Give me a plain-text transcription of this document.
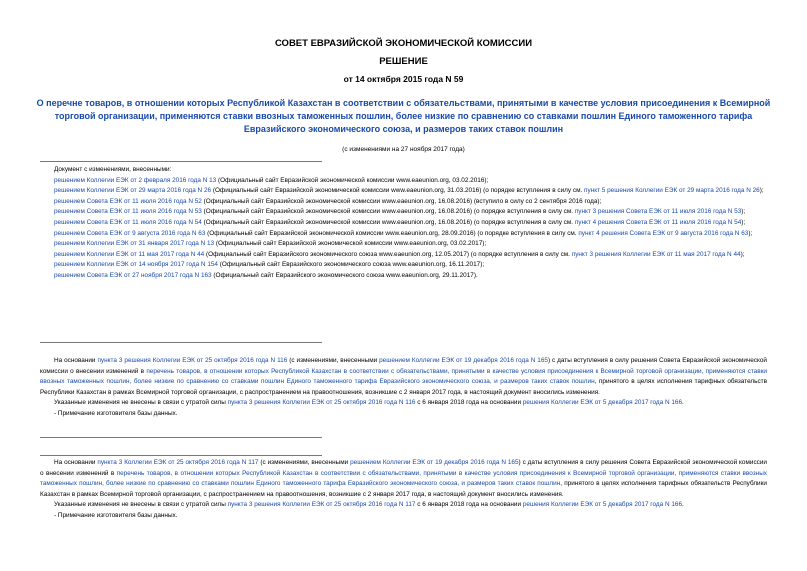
СОВЕТ ЕВРАЗИЙСКОЙ ЭКОНОМИЧЕСКОЙ КОМИССИИ
РЕШЕНИЕ
от 14 октября 2015 года N 59
О перечне товаров, в отношении которых Республикой Казахстан в соответствии с обязательствами, принятыми в качестве условия присоединения к Всемирной торговой организации, применяются ставки ввозных таможенных пошлин, более низкие по сравнению со ставками пошлин Единого таможенного тарифа Евразийского экономического союза, и размеров таких ставок пошлин
(с изменениями на 27 ноября 2017 года)

Документ с изменениями, внесенными:

решением Коллегии ЕЭК от 2 февраля 2016 года N 13 (Официальный сайт Евразийской экономической комиссии www.eaeunion.org, 03.02.2016);

решением Коллегии ЕЭК от 29 марта 2016 года N 26 (Официальный сайт Евразийской экономической комиссии www.eaeunion.org, 31.03.2016) (о порядке вступления в силу см. пункт 5 решения Коллегии ЕЭК от 29 марта 2016 года N 26);

решением Совета ЕЭК от 11 июля 2016 года N 52 (Официальный сайт Евразийской экономической комиссии www.eaeunion.org, 16.08.2016) (вступило в силу со 2 сентября 2016 года);

решением Совета ЕЭК от 11 июля 2016 года N 53 (Официальный сайт Евразийской экономической комиссии www.eaeunion.org, 16.08.2016) (о порядке вступления в силу см. пункт 3 решения Совета ЕЭК от 11 июля 2016 года N 53);

решением Совета ЕЭК от 11 июля 2016 года N 54 (Официальный сайт Евразийской экономической комиссии www.eaeunion.org, 16.08.2016) (о порядке вступления в силу см. пункт 4 решения Совета ЕЭК от 11 июля 2016 года N 54);

решением Совета ЕЭК от 9 августа 2016 года N 63 (Официальный сайт Евразийской экономической комиссии www.eaeunion.org, 28.09.2016) (о порядке вступления в силу см. пункт 4 решения Совета ЕЭК от 9 августа 2016 года N 63);

решением Коллегии ЕЭК от 31 января 2017 года N 13 (Официальный сайт Евразийской экономической комиссии www.eaeunion.org, 03.02.2017);

решением Коллегии ЕЭК от 11 мая 2017 года N 44 (Официальный сайт Евразийского экономического союза www.eaeunion.org, 12.05.2017) (о порядке вступления в силу см. пункт 3 решения Коллегии ЕЭК от 11 мая 2017 года N 44);

решением Коллегии ЕЭК от 14 ноября 2017 года N 154 (Официальный сайт Евразийского экономического союза www.eaeunion.org, 16.11.2017);

решением Совета ЕЭК от 27 ноября 2017 года N 163 (Официальный сайт Евразийского экономического союза www.eaeunion.org, 29.11.2017).

На основании пункта 3 решения Коллегии ЕЭК от 25 октября 2016 года N 116 (с изменениями, внесенными решением Коллегии ЕЭК от 19 декабря 2016 года N 165) с даты вступления в силу решения Совета Евразийской экономической комиссии о внесении изменений в перечень товаров, в отношении которых Республикой Казахстан в соответствии с обязательствами, принятыми в качестве условия присоединения к Всемирной торговой организации, применяются ставки ввозных таможенных пошлин, более низкие по сравнению со ставками пошлин Единого таможенного тарифа Евразийского экономического союза, и размеров таких ставок пошлин, принятого в целях исполнения тарифных обязательств Республики Казахстан в рамках Всемирной торговой организации, с распространением на правоотношения, возникшие с 2 января 2017 года, в настоящий документ вносились изменения.

Указанные изменения не внесены в связи с утратой силы пункта 3 решения Коллегии ЕЭК от 25 октября 2016 года N 116 с 6 января 2018 года на основании решения Коллегии ЕЭК от 5 декабря 2017 года N 166.

- Примечание изготовителя базы данных.

На основании пункта 3 Коллегии ЕЭК от 25 октября 2016 года N 117 (с изменениями, внесенными решением Коллегии ЕЭК от 19 декабря 2016 года N 165) с даты вступления в силу решения Совета Евразийской экономической комиссии о внесении изменений в перечень товаров, в отношении которых Республикой Казахстан в соответствии с обязательствами, принятыми в качестве условия присоединения к Всемирной торговой организации, применяются ставки ввозных таможенных пошлин, более низкие по сравнению со ставками пошлин Единого таможенного тарифа Евразийского экономического союза, и размеров таких ставок пошлин, принятого в целях исполнения тарифных обязательств Республики Казахстан в рамках Всемирной торговой организации, с распространением на правоотношения, возникшие с 2 января 2017 года, в настоящий документ вносились изменения.

Указанные изменения не внесены в связи с утратой силы пункта 3 решения Коллегии ЕЭК от 25 октября 2016 года N 117 с 6 января 2018 года на основании решения Коллегии ЕЭК от 5 декабря 2017 года N 166.

- Примечание изготовителя базы данных.
